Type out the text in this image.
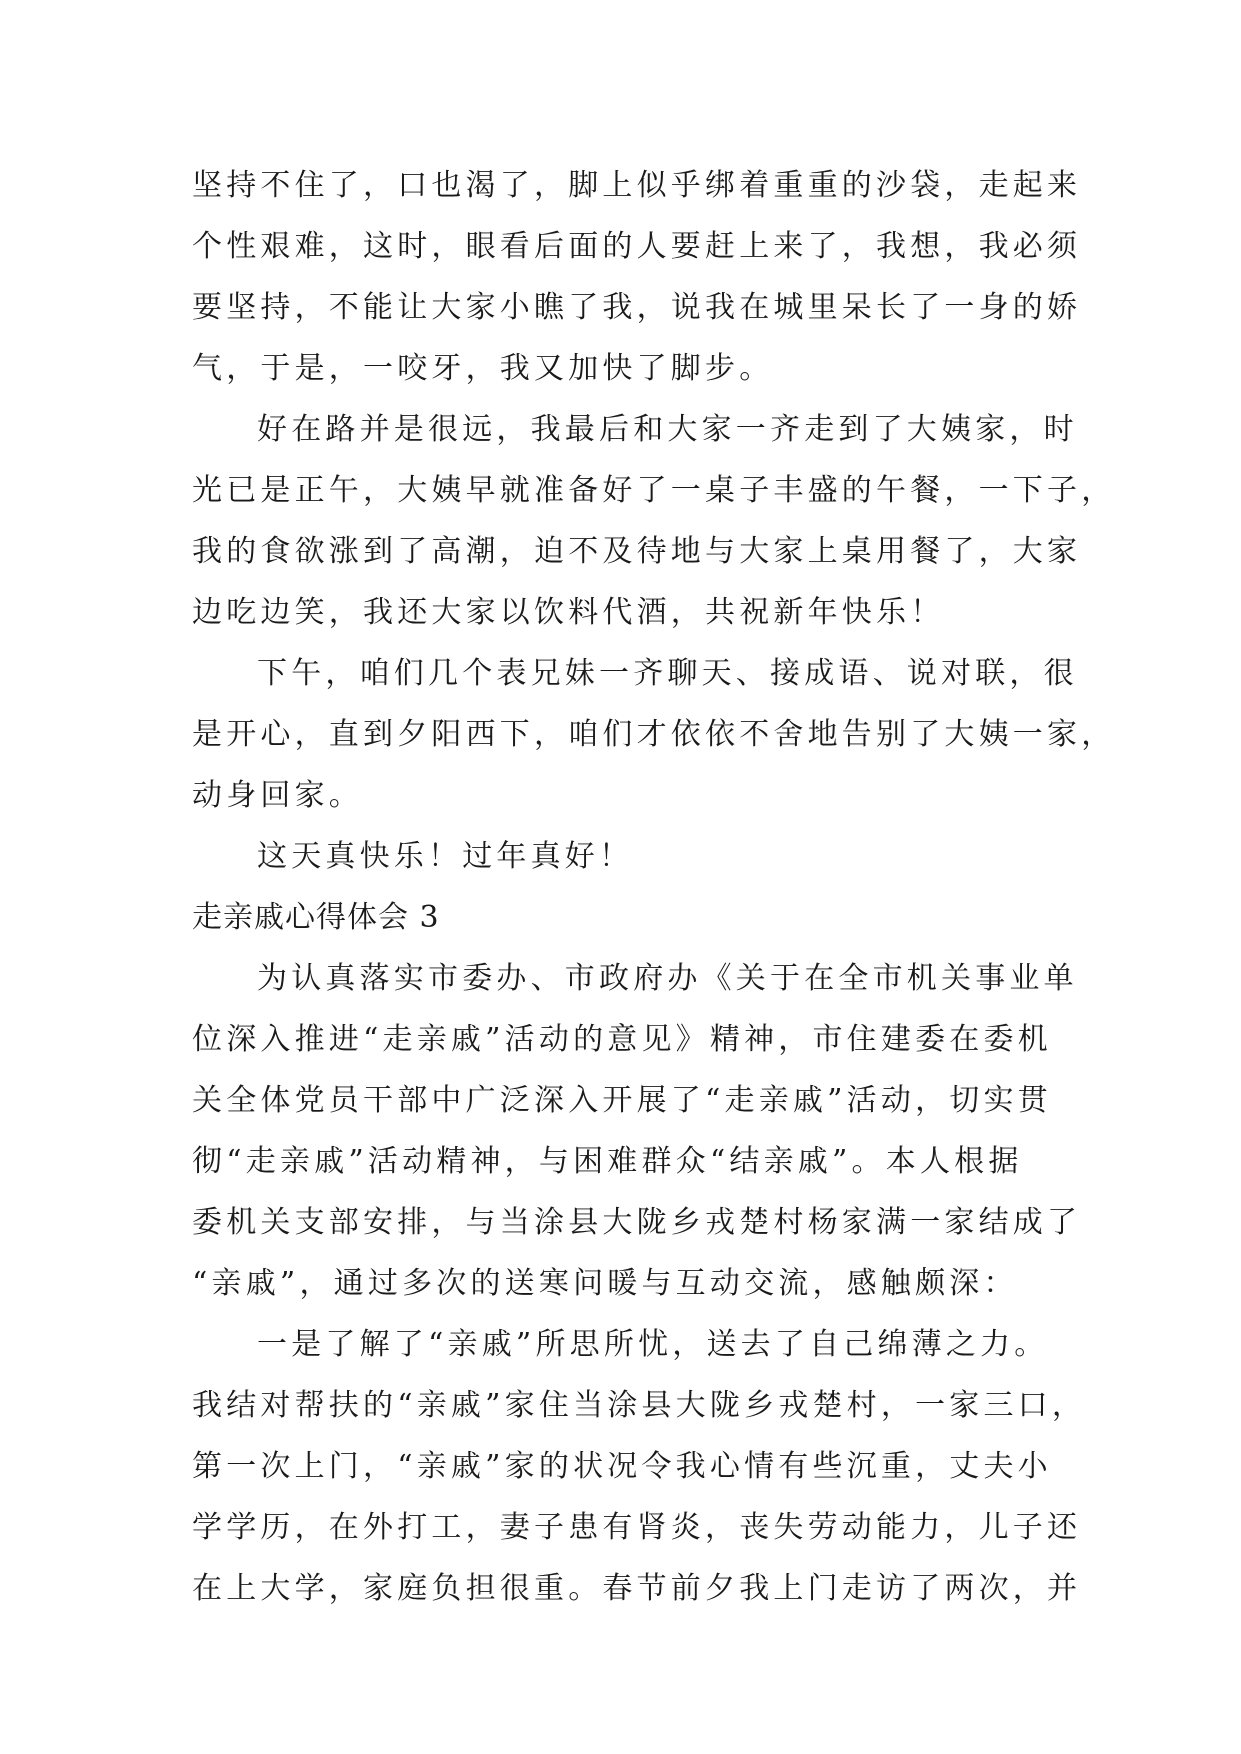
坚持不住了，口也渴了，脚上似乎绑着重重的沙袋，走起来
个性艰难，这时，眼看后面的人要赶上来了，我想，我必须
要坚持，不能让大家小瞧了我，说我在城里呆长了一身的娇
气，于是，一咬牙，我又加快了脚步。
好在路并是很远，我最后和大家一齐走到了大姨家，时
光已是正午，大姨早就准备好了一桌子丰盛的午餐，一下子，
我的食欲涨到了高潮，迫不及待地与大家上桌用餐了，大家
边吃边笑，我还大家以饮料代酒，共祝新年快乐！
下午，咱们几个表兄妹一齐聊天、接成语、说对联，很
是开心，直到夕阳西下，咱们才依依不舍地告别了大姨一家，
动身回家。
这天真快乐！过年真好！
走亲戚心得体会 3
为认真落实市委办、市政府办《关于在全市机关事业单
位深入推进“走亲戚”活动的意见》精神，市住建委在委机
关全体党员干部中广泛深入开展了“走亲戚”活动，切实贯
彻“走亲戚”活动精神，与困难群众“结亲戚”。本人根据
委机关支部安排，与当涂县大陇乡戎楚村杨家满一家结成了
“亲戚”，通过多次的送寒问暖与互动交流，感触颇深：
一是了解了“亲戚”所思所忧，送去了自己绵薄之力。
我结对帮扶的“亲戚”家住当涂县大陇乡戎楚村，一家三口，
第一次上门，“亲戚”家的状况令我心情有些沉重，丈夫小
学学历，在外打工，妻子患有肾炎，丧失劳动能力，儿子还
在上大学，家庭负担很重。春节前夕我上门走访了两次，并
